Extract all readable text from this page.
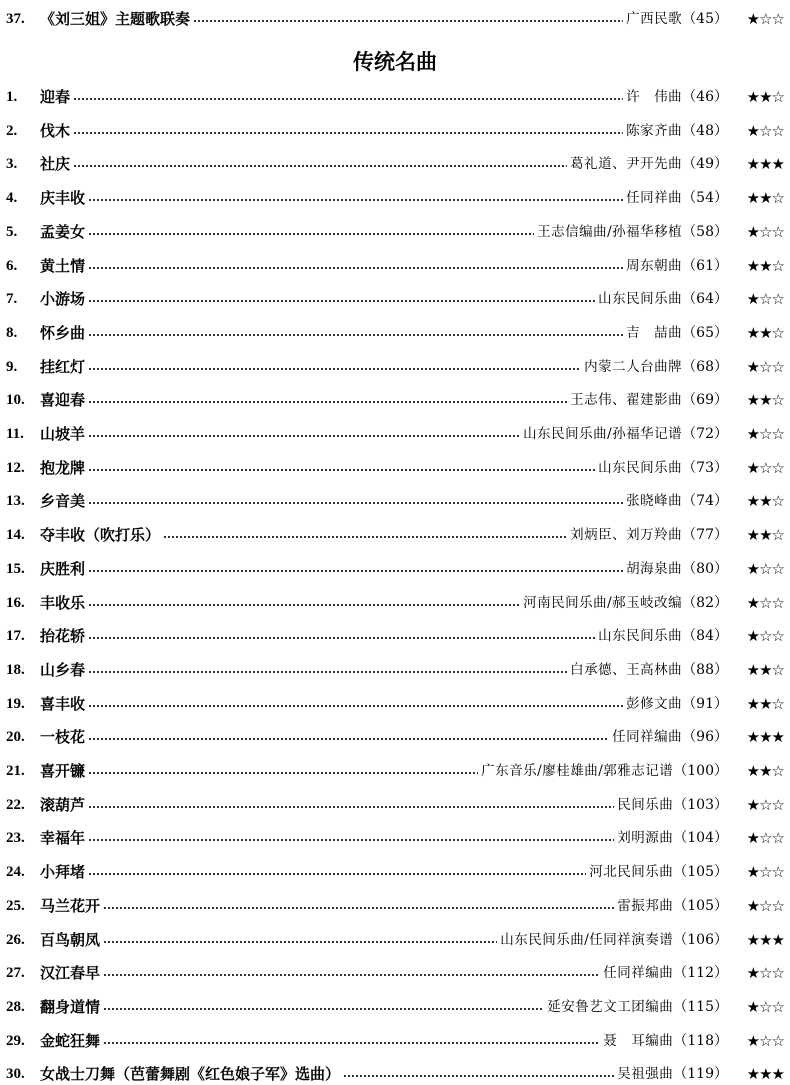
37.	《刘三姐》主题歌联奏	广西民歌 （45）	★☆☆
传统名曲
1.	迎春	许　伟曲 （46）	★★☆
2.	伐木	陈家齐曲 （48）	★☆☆
3.	社庆	葛礼道、尹开先曲 （49）	★★★
4.	庆丰收	任同祥曲 （54）	★★☆
5.	孟姜女	王志信编曲/孙福华移植 （58）	★☆☆
6.	黄土情	周东朝曲 （61）	★★☆
7.	小游场	山东民间乐曲 （64）	★☆☆
8.	怀乡曲	吉　喆曲 （65）	★★☆
9.	挂红灯	内蒙二人台曲牌 （68）	★☆☆
10.	喜迎春	王志伟、翟建影曲 （69）	★★☆
11.	山坡羊	山东民间乐曲/孙福华记谱 （72）	★☆☆
12.	抱龙牌	山东民间乐曲 （73）	★☆☆
13.	乡音美	张晓峰曲 （74）	★★☆
14.	夺丰收（吹打乐）	刘炳臣、刘万羚曲 （77）	★★☆
15.	庆胜利	胡海泉曲 （80）	★☆☆
16.	丰收乐	河南民间乐曲/郝玉岐改编 （82）	★☆☆
17.	抬花轿	山东民间乐曲 （84）	★☆☆
18.	山乡春	白承德、王高林曲 （88）	★★☆
19.	喜丰收	彭修文曲 （91）	★★☆
20.	一枝花	任同祥编曲 （96）	★★★
21.	喜开镰	广东音乐/廖桂雄曲/郭雅志记谱 （100）	★★☆
22.	滚葫芦	民间乐曲 （103）	★☆☆
23.	幸福年	刘明源曲 （104）	★☆☆
24.	小拜堵	河北民间乐曲 （105）	★☆☆
25.	马兰花开	雷振邦曲 （105）	★☆☆
26.	百鸟朝凤	山东民间乐曲/任同祥演奏谱 （106）	★★★
27.	汉江春早	任同祥编曲 （112）	★☆☆
28.	翻身道情	延安鲁艺文工团编曲 （115）	★☆☆
29.	金蛇狂舞	聂　耳编曲 （118）	★☆☆
30.	女战士刀舞（芭蕾舞剧《红色娘子军》选曲）	吴祖强曲 （119）	★★★
